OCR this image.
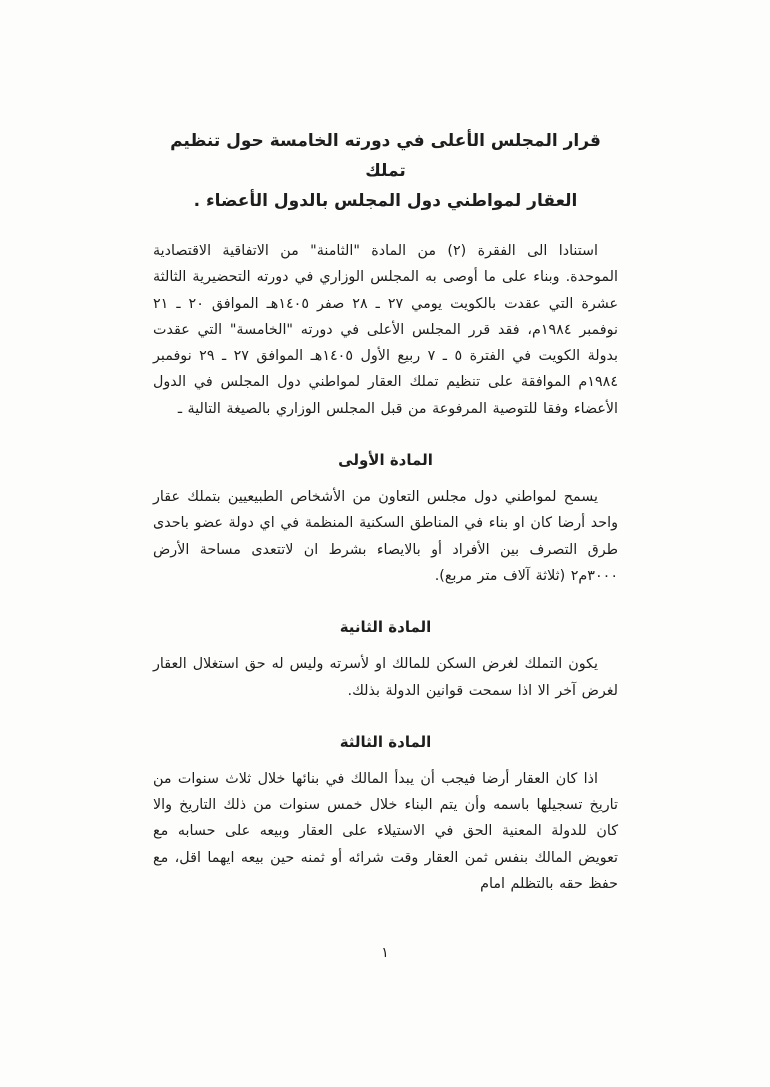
قرار المجلس الأعلى في دورته الخامسة حول تنظيم تملك
العقار لمواطني دول المجلس بالدول الأعضاء .

استنادا الى الفقرة (٢) من المادة "الثامنة" من الاتفاقية الاقتصادية الموحدة. وبناء على ما أوصى به المجلس الوزاري في دورته التحضيرية الثالثة عشرة التي عقدت بالكويت يومي ٢٧ ـ ٢٨ صفر ١٤٠٥هـ الموافق ٢٠ ـ ٢١ نوفمبر ١٩٨٤م، فقد قرر المجلس الأعلى في دورته "الخامسة" التي عقدت بدولة الكويت في الفترة ٥ ـ ٧ ربيع الأول ١٤٠٥هـ الموافق ٢٧ ـ ٢٩ نوفمبر ١٩٨٤م الموافقة على تنظيم تملك العقار لمواطني دول المجلس في الدول الأعضاء وفقا للتوصية المرفوعة من قبل المجلس الوزاري بالصيغة التالية ـ

المادة الأولى

يسمح لمواطني دول مجلس التعاون من الأشخاص الطبيعيين بتملك عقار واحد أرضا كان او بناء في المناطق السكنية المنظمة في اي دولة عضو باحدى طرق التصرف بين الأفراد أو بالايصاء بشرط ان لاتتعدى مساحة الأرض ٣٠٠٠م٢ (ثلاثة آلاف متر مربع).

المادة الثانية

يكون التملك لغرض السكن للمالك او لأسرته وليس له حق استغلال العقار لغرض آخر الا اذا سمحت قوانين الدولة بذلك.

المادة الثالثة

اذا كان العقار أرضا فيجب أن يبدأ المالك في بنائها خلال ثلاث سنوات من تاريخ تسجيلها باسمه وأن يتم البناء خلال خمس سنوات من ذلك التاريخ والا كان للدولة المعنية الحق في الاستيلاء على العقار وبيعه على حسابه مع تعويض المالك بنفس ثمن العقار وقت شرائه أو ثمنه حين بيعه ايهما اقل، مع حفظ حقه بالتظلم امام

١
